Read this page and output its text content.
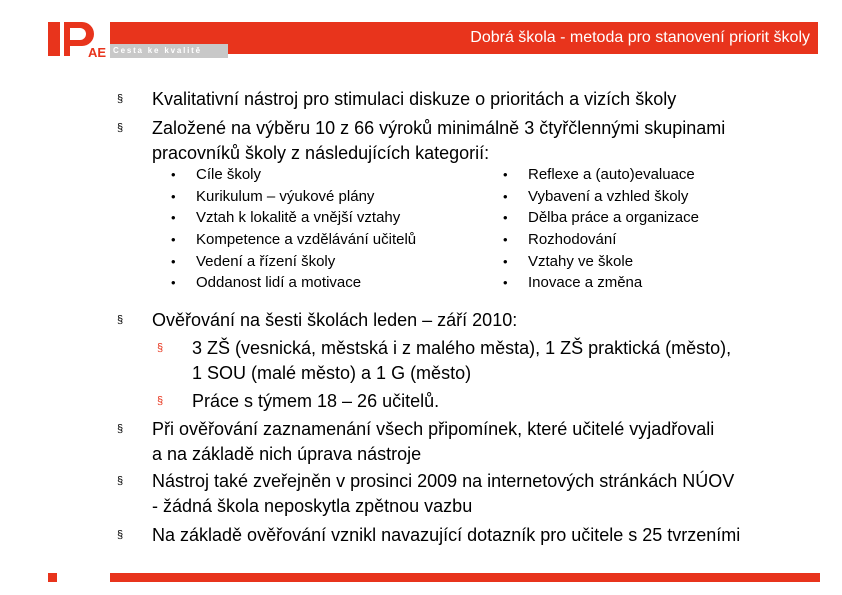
AE
Dobrá škola - metoda pro stanovení priorit školy
Cesta ke kvalitě
§ Kvalitativní nástroj pro stimulaci diskuze o prioritách a vizích školy
§ Založené na výběru 10 z 66 výroků minimálně 3 čtyřčlennými skupinami
pracovníků školy z následujících kategorií:
• Cíle školy
• Kurikulum – výukové plány
• Vztah k lokalitě a vnější vztahy
• Kompetence a vzdělávání učitelů
• Vedení a řízení školy
• Oddanost lidí a motivace
• Reflexe a (auto)evaluace
• Vybavení a vzhled školy
• Dělba práce a organizace
• Rozhodování
• Vztahy ve škole
• Inovace a změna
§ Ověřování na šesti školách leden – září 2010:
§ 3 ZŠ (vesnická, městská i z malého města), 1 ZŠ praktická (město),
1 SOU (malé město) a 1 G (město)
§ Práce s týmem 18 – 26 učitelů.
§ Při ověřování zaznamenání všech připomínek, které učitelé vyjadřovali
a na základě nich úprava nástroje
§ Nástroj také zveřejněn v prosinci 2009 na internetových stránkách NÚOV
- žádná škola neposkytla zpětnou vazbu
§ Na základě ověřování vznikl navazující dotazník pro učitele s 25 tvrzeními
